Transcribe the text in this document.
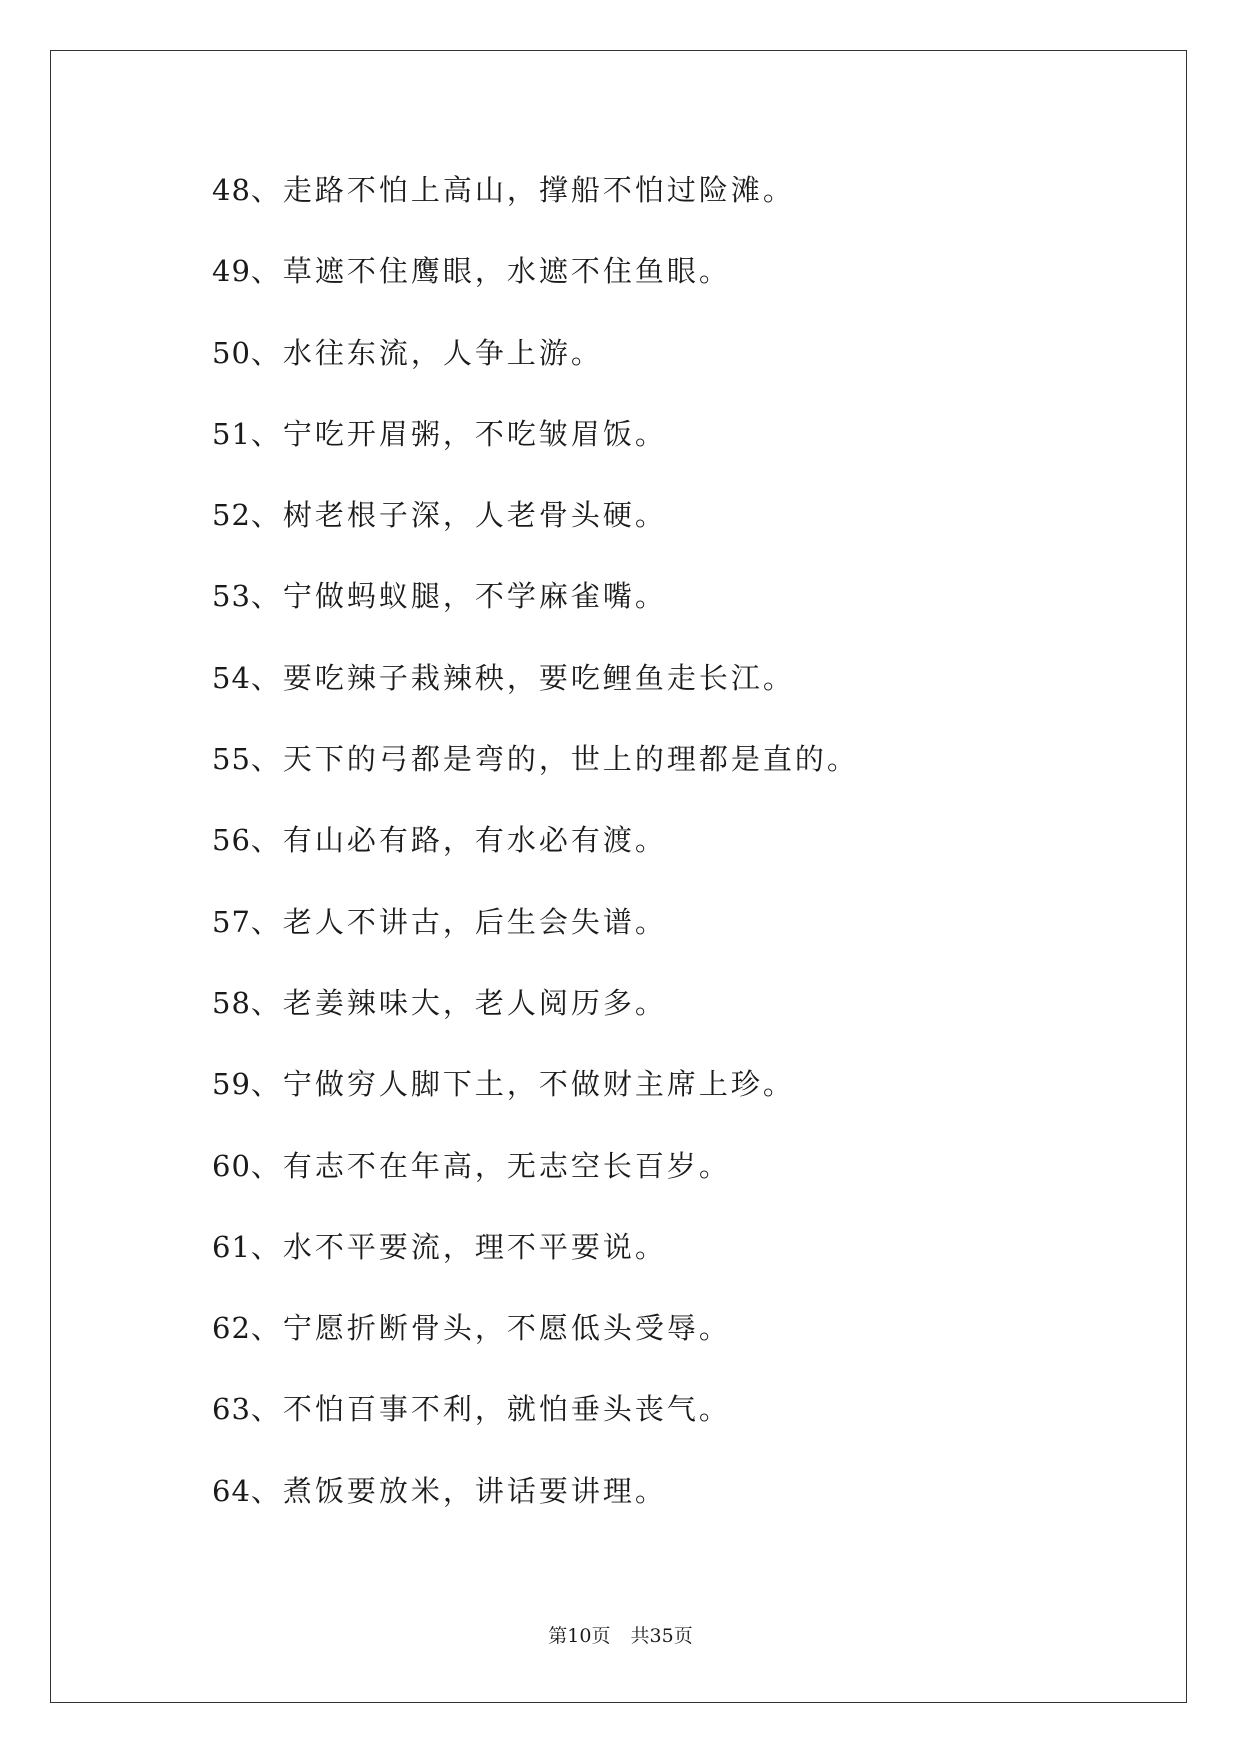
48、走路不怕上高山，撑船不怕过险滩。
49、草遮不住鹰眼，水遮不住鱼眼。
50、水往东流，人争上游。
51、宁吃开眉粥，不吃皱眉饭。
52、树老根子深，人老骨头硬。
53、宁做蚂蚁腿，不学麻雀嘴。
54、要吃辣子栽辣秧，要吃鲤鱼走长江。
55、天下的弓都是弯的，世上的理都是直的。
56、有山必有路，有水必有渡。
57、老人不讲古，后生会失谱。
58、老姜辣味大，老人阅历多。
59、宁做穷人脚下土，不做财主席上珍。
60、有志不在年高，无志空长百岁。
61、水不平要流，理不平要说。
62、宁愿折断骨头，不愿低头受辱。
63、不怕百事不利，就怕垂头丧气。
64、煮饭要放米，讲话要讲理。
第10页 共35页
